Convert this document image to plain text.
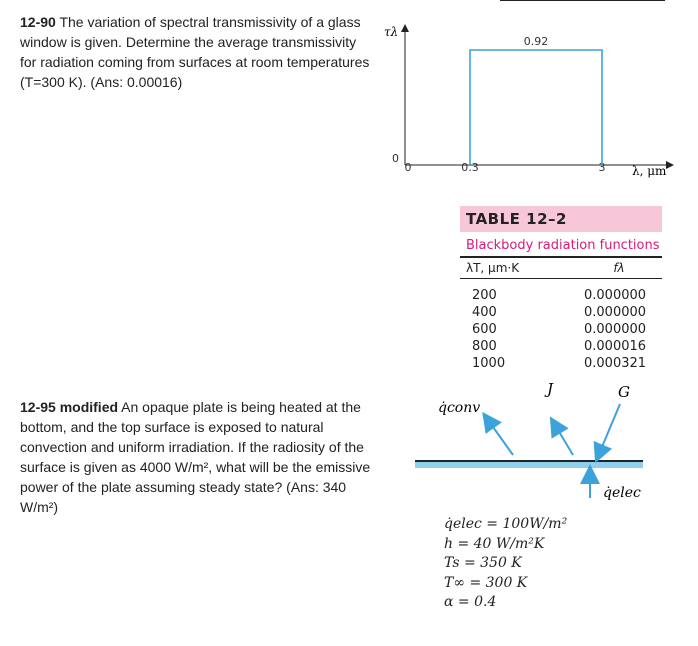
12-90 The variation of spectral transmissivity of a glass window is given. Determine the average transmissivity for radiation coming from surfaces at room temperatures (T=300 K). (Ans: 0.00016)
12-95 modified An opaque plate is being heated at the bottom, and the top surface is exposed to natural convection and uniform irradiation. If the radiosity of the surface is given as 4000 W/m², what will be the emissive power of the plate assuming steady state? (Ans: 340 W/m²)
τλ
λ, μm
0
0	0.3	3
0.92
TABLE 12–2
Blackbody radiation functions
λT, μm·K	fλ
200	0.000000
400	0.000000
600	0.000000
800	0.000016
1000	0.000321
q̇conv
J	G
q̇elec
q̇elec = 100W/m²
h = 40 W/m²K
Ts = 350 K
T∞ = 300 K
α = 0.4
